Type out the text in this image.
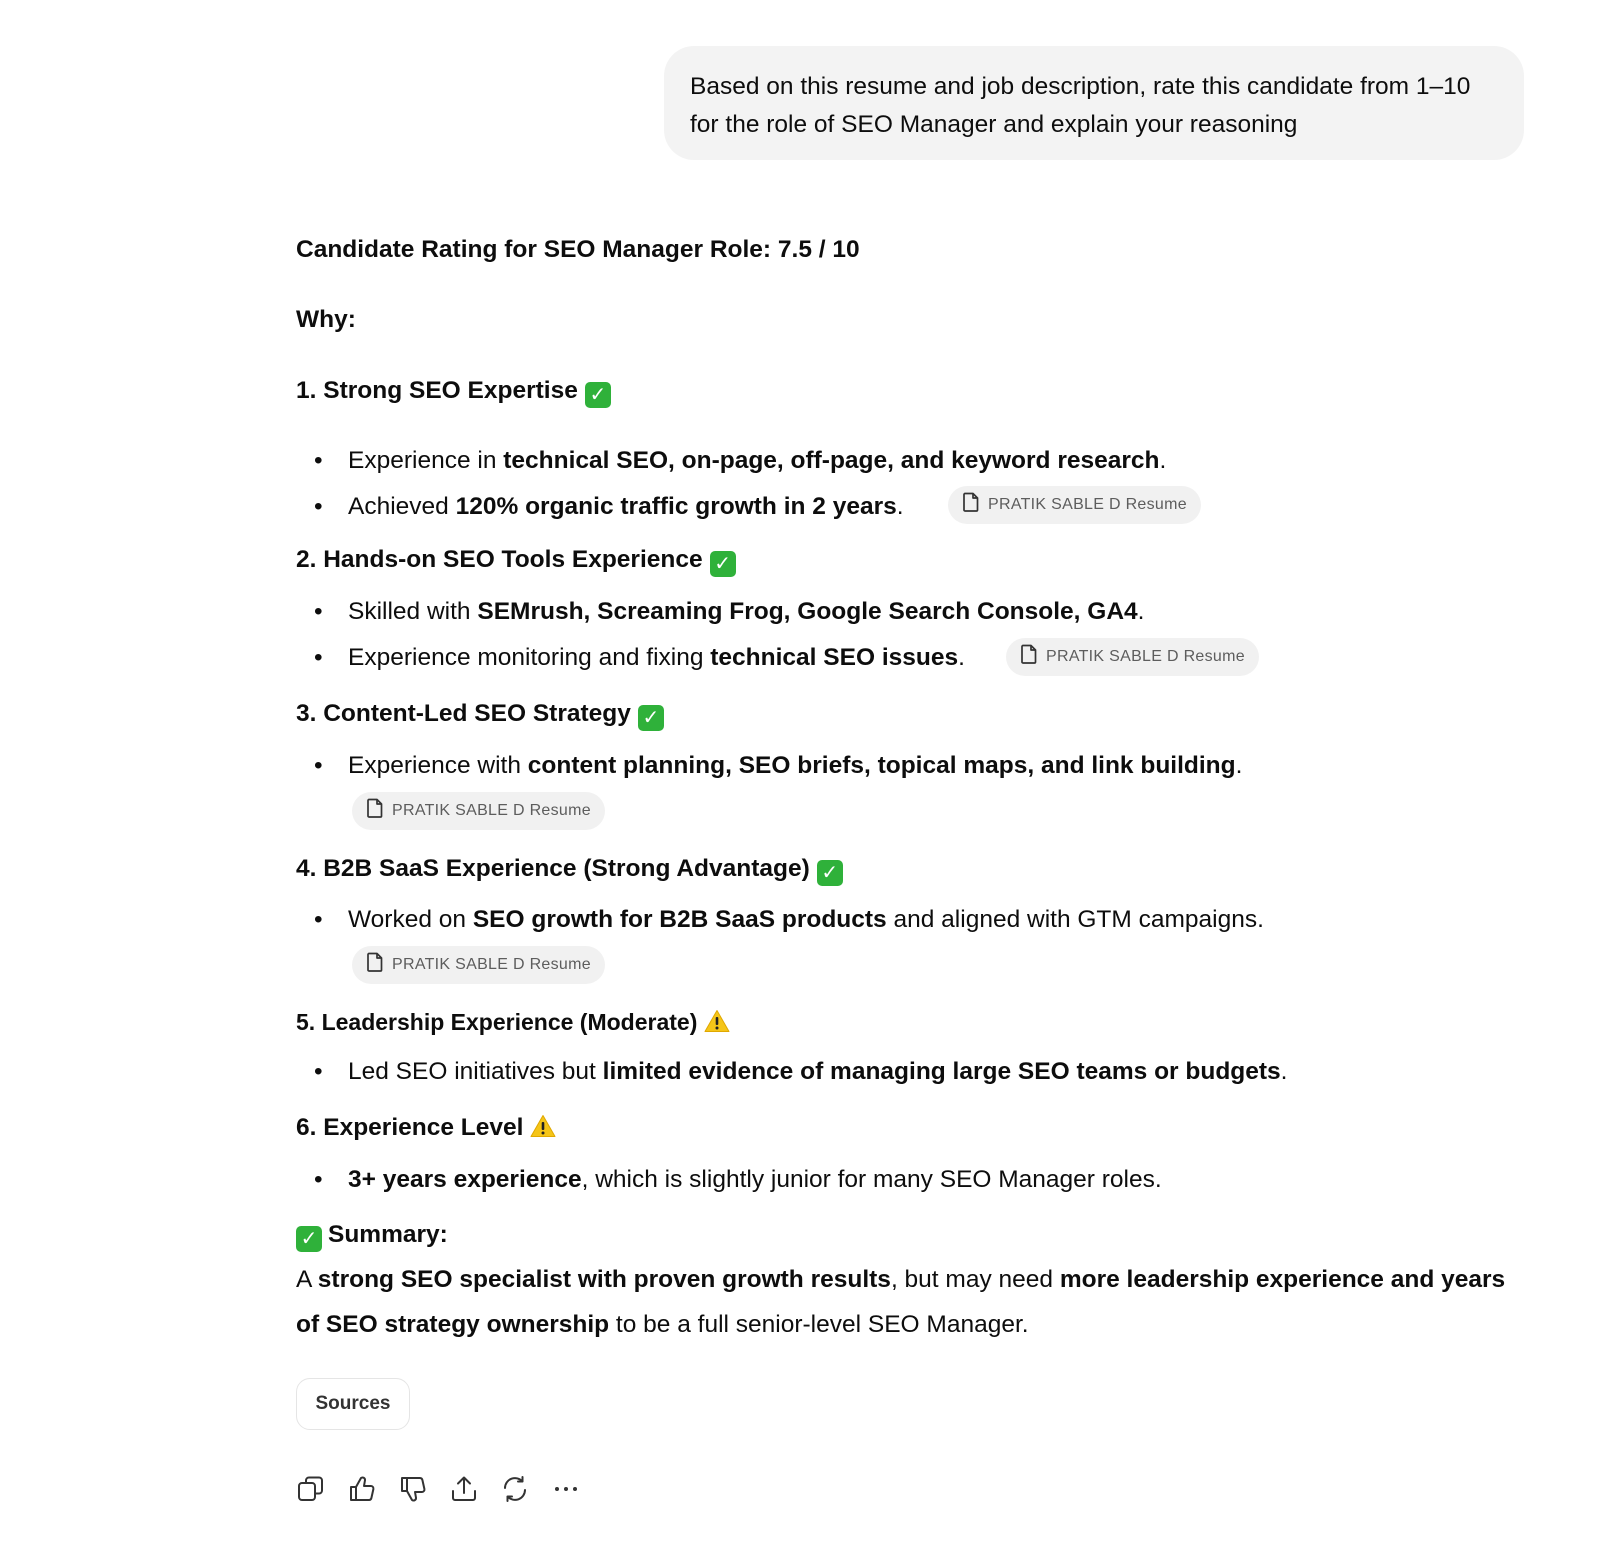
Based on this resume and job description, rate this candidate from 1–10 for the role of SEO Manager and explain your reasoning
Candidate Rating for SEO Manager Role: 7.5 / 10
Why:
1. Strong SEO Expertise ✓
• Experience in technical SEO, on-page, off-page, and keyword research.
• Achieved 120% organic traffic growth in 2 years.	PRATIK SABLE D Resume
2. Hands-on SEO Tools Experience ✓
• Skilled with SEMrush, Screaming Frog, Google Search Console, GA4.
• Experience monitoring and fixing technical SEO issues.	PRATIK SABLE D Resume
3. Content-Led SEO Strategy ✓
• Experience with content planning, SEO briefs, topical maps, and link building.
PRATIK SABLE D Resume
4. B2B SaaS Experience (Strong Advantage) ✓
• Worked on SEO growth for B2B SaaS products and aligned with GTM campaigns.
PRATIK SABLE D Resume
5. Leadership Experience (Moderate)
• Led SEO initiatives but limited evidence of managing large SEO teams or budgets.
6. Experience Level
• 3+ years experience, which is slightly junior for many SEO Manager roles.
✓ Summary:
A strong SEO specialist with proven growth results, but may need more leadership experience and years of SEO strategy ownership to be a full senior-level SEO Manager.
Sources
